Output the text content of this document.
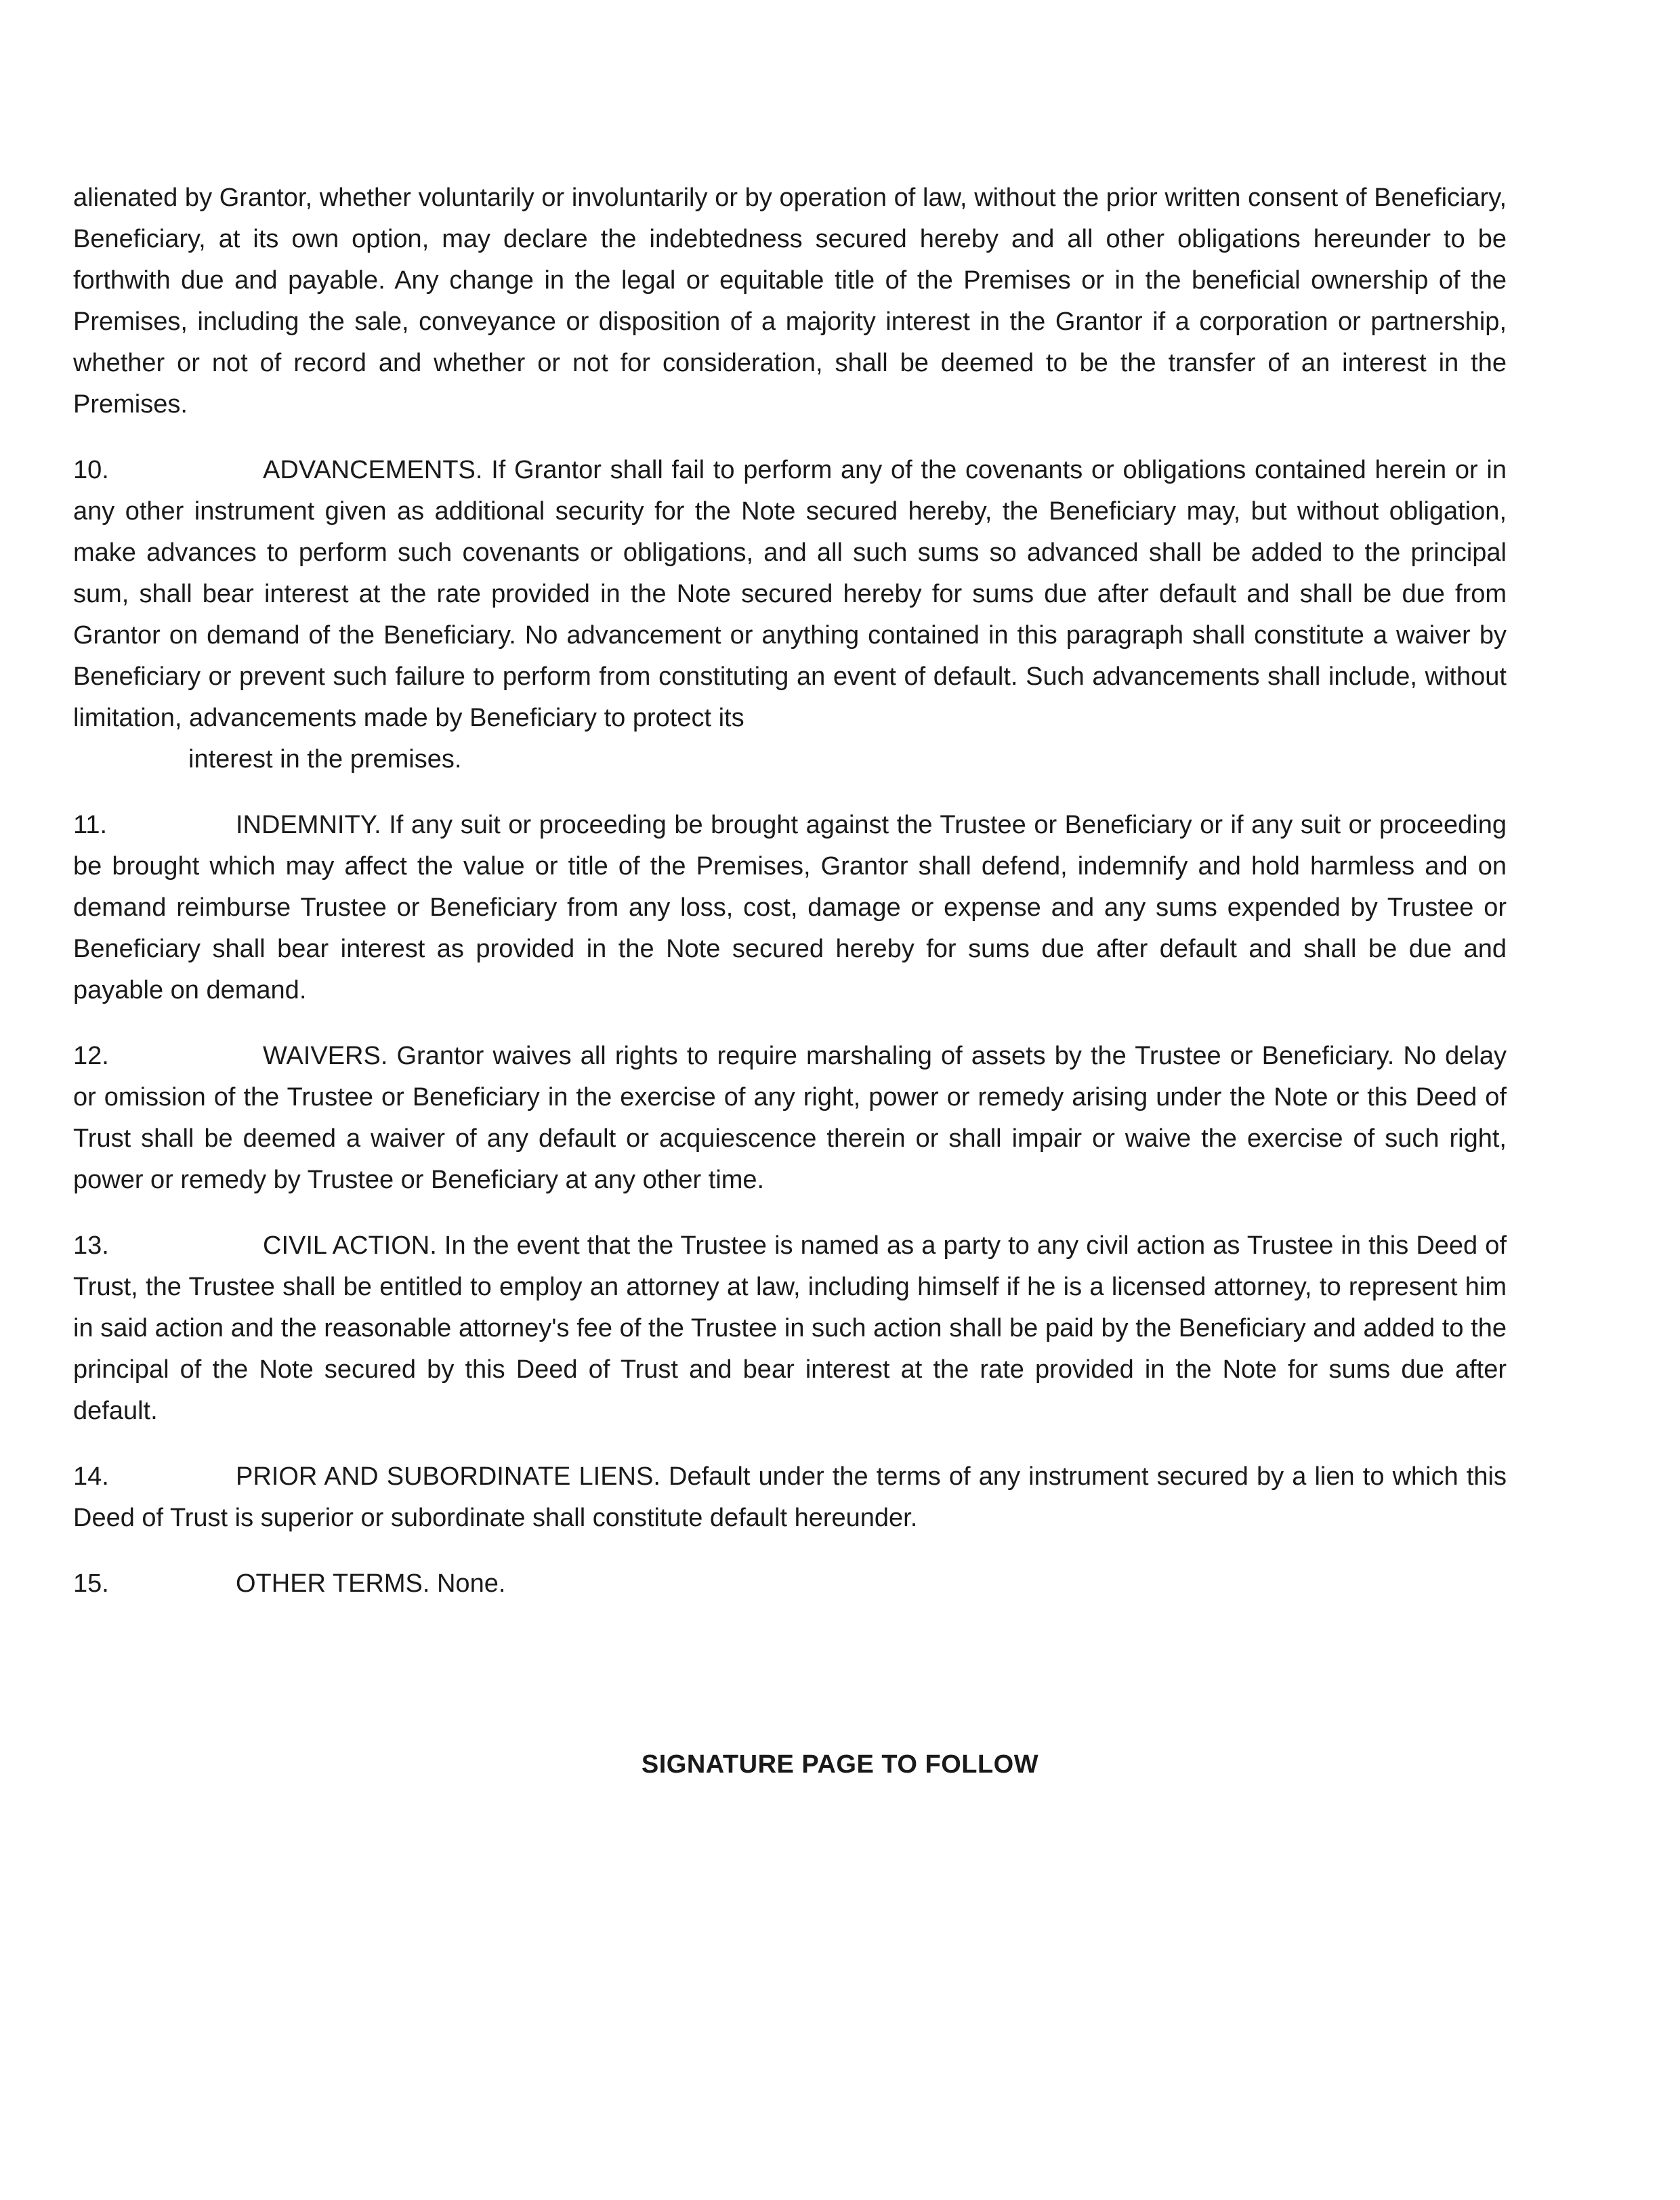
alienated by Grantor, whether voluntarily or involuntarily or by operation of law, without the prior written consent of Beneficiary, Beneficiary, at its own option, may declare the indebtedness secured hereby and all other obligations hereunder to be forthwith due and payable. Any change in the legal or equitable title of the Premises or in the beneficial ownership of the Premises, including the sale, conveyance or disposition of a majority interest in the Grantor if a corporation or partnership, whether or not of record and whether or not for consideration, shall be deemed to be the transfer of an interest in the Premises.

10.	ADVANCEMENTS. If Grantor shall fail to perform any of the covenants or obligations contained herein or in any other instrument given as additional security for the Note secured hereby, the Beneficiary may, but without obligation, make advances to perform such covenants or obligations, and all such sums so advanced shall be added to the principal sum, shall bear interest at the rate provided in the Note secured hereby for sums due after default and shall be due from Grantor on demand of the Beneficiary. No advancement or anything contained in this paragraph shall constitute a waiver by Beneficiary or prevent such failure to perform from constituting an event of default. Such advancements shall include, without limitation, advancements made by Beneficiary to protect its
interest in the premises.

11.	INDEMNITY. If any suit or proceeding be brought against the Trustee or Beneficiary or if any suit or proceeding be brought which may affect the value or title of the Premises, Grantor shall defend, indemnify and hold harmless and on demand reimburse Trustee or Beneficiary from any loss, cost, damage or expense and any sums expended by Trustee or Beneficiary shall bear interest as provided in the Note secured hereby for sums due after default and shall be due and payable on demand.

12.	WAIVERS. Grantor waives all rights to require marshaling of assets by the Trustee or Beneficiary. No delay or omission of the Trustee or Beneficiary in the exercise of any right, power or remedy arising under the Note or this Deed of Trust shall be deemed a waiver of any default or acquiescence therein or shall impair or waive the exercise of such right, power or remedy by Trustee or Beneficiary at any other time.

13.	CIVIL ACTION. In the event that the Trustee is named as a party to any civil action as Trustee in this Deed of Trust, the Trustee shall be entitled to employ an attorney at law, including himself if he is a licensed attorney, to represent him in said action and the reasonable attorney's fee of the Trustee in such action shall be paid by the Beneficiary and added to the principal of the Note secured by this Deed of Trust and bear interest at the rate provided in the Note for sums due after default.

14.	PRIOR AND SUBORDINATE LIENS. Default under the terms of any instrument secured by a lien to which this Deed of Trust is superior or subordinate shall constitute default hereunder.

15.	OTHER TERMS. None.

SIGNATURE PAGE TO FOLLOW
